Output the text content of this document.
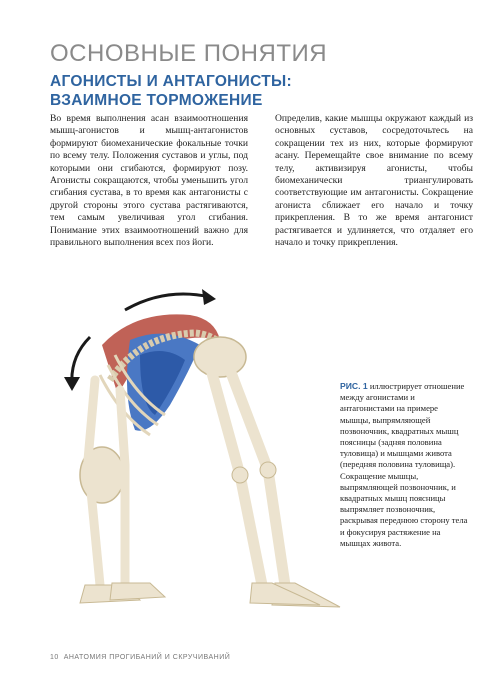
ОСНОВНЫЕ ПОНЯТИЯ
АГОНИСТЫ И АНТАГОНИСТЫ:
ВЗАИМНОЕ ТОРМОЖЕНИЕ
Во время выполнения асан взаимоотношения мышц-агонистов и мышц-антагонистов формируют биомеханические фокальные точки по всему телу. Положения суставов и углы, под которыми они сгибаются, формируют позу. Агонисты сокращаются, чтобы уменьшить угол сгибания сустава, в то время как антагонисты с другой стороны этого сустава растягиваются, тем самым увеличивая угол сгибания. Понимание этих взаимоотношений важно для правильного выполнения всех поз йоги.
Определив, какие мышцы окружают каждый из основных суставов, сосредоточьтесь на сокращении тех из них, которые формируют асану. Перемещайте свое внимание по всему телу, активизируя агонисты, чтобы биомеханически триангулировать соответствующие им антагонисты. Сокращение агониста сближает его начало и точку прикрепления. В то же время антагонист растягивается и удлиняется, что отдаляет его начало и точку прикрепления.
РИС. 1 иллюстрирует отношение между агонистами и антагонистами на примере мышцы, выпрямляющей позвоночник, квадратных мышц поясницы (задняя половина туловища) и мышцами живота (передняя половина туловища). Сокращение мышцы, выпрямляющей позвоночник, и квадратных мышц поясницы выпрямляет позвоночник, раскрывая переднюю сторону тела и фокусируя растяжение на мышцах живота.
10 АНАТОМИЯ ПРОГИБАНИЙ И СКРУЧИВАНИЙ
